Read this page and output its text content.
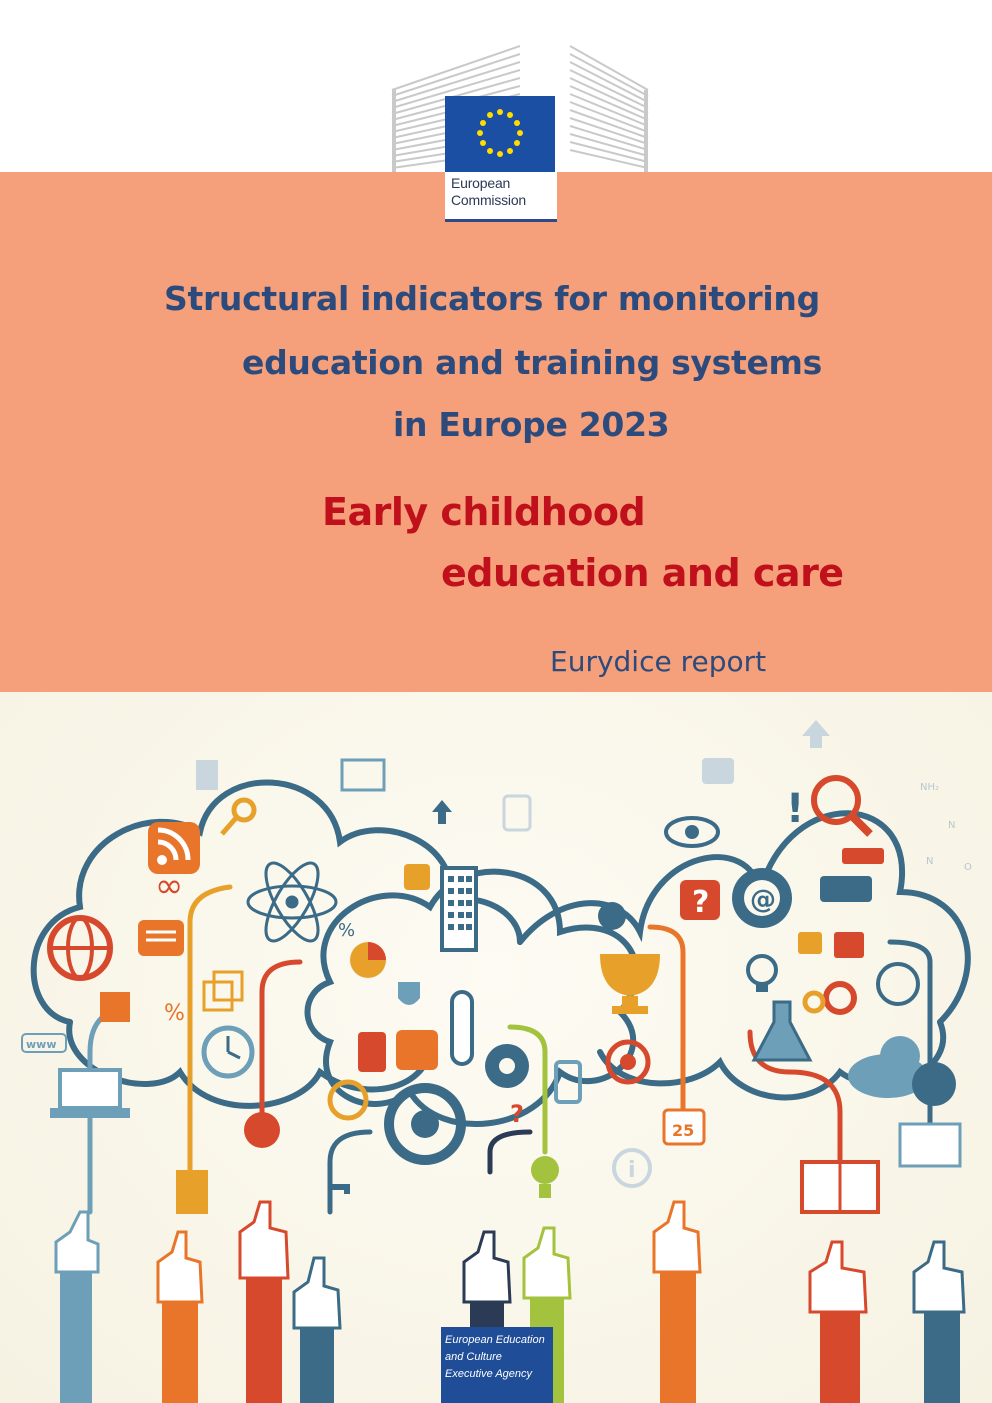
European
Commission
Structural indicators for monitoring
education and training systems
in Europe 2023
Early childhood
education and care
Eurydice report
∞	? @
!
www
NH₂
N
N
O
%
%
?
i
25
European Education
and Culture
Executive Agency
